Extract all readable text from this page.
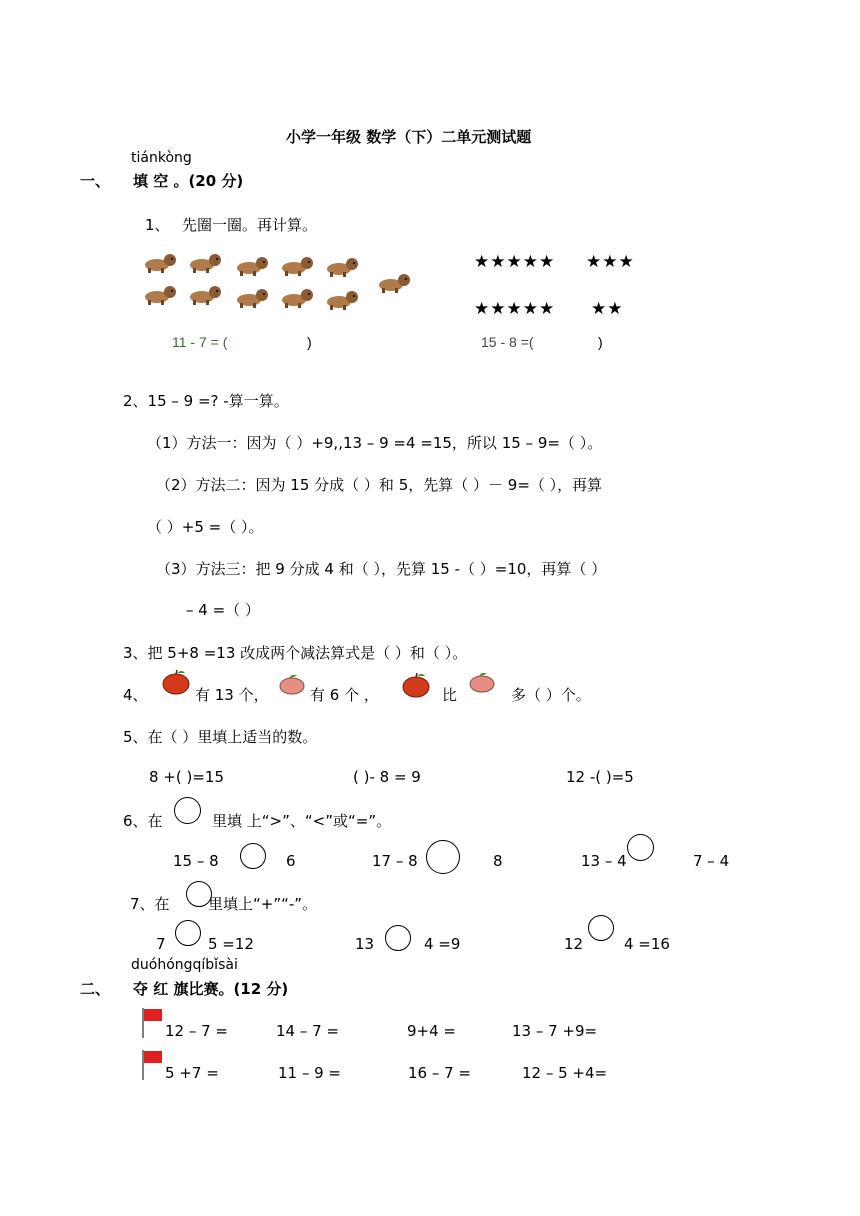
小学一年级 数学（下）二单元测试题
tiánkòng
一、 填 空 。(20 分)
1、 先圈一圈。再计算。
11 - 7 = (	)
★★★★★ ★★★
★★★★★ ★★
15 - 8 =(	)
2、15 – 9 =? -算一算。
（1）方法一：因为（ ）+9,,13 – 9 =4 =15，所以 15 – 9=（ ）。
（2）方法二：因为 15 分成（ ）和 5，先算（ ）－ 9=（ ），再算
（ ）+5 =（ ）。
（3）方法三：把 9 分成 4 和（ ），先算 15 -（ ）=10，再算（ ）
– 4 =（ ）
3、把 5+8 =13 改成两个减法算式是（ ）和（ ）。
4、	有 13 个，	有 6 个 ，	比	多（ ）个。
5、在（ ）里填上适当的数。
8 +( )=15	( )- 8 = 9	12 -( )=5
6、在	里填 上“>”、“<”或“=”。
15 – 8	6	17 – 8	8	13 – 4	7 – 4
7、在	里填上“+”“-”。
7	5 =12	13	4 =9	12	4 =16
duóhóngqíbǐsài
二、 夺 红 旗比赛。(12 分)
12 – 7 =	14 – 7 =	9+4 =	13 – 7 +9=
5 +7 =	11 – 9 =	16 – 7 =	12 – 5 +4=
